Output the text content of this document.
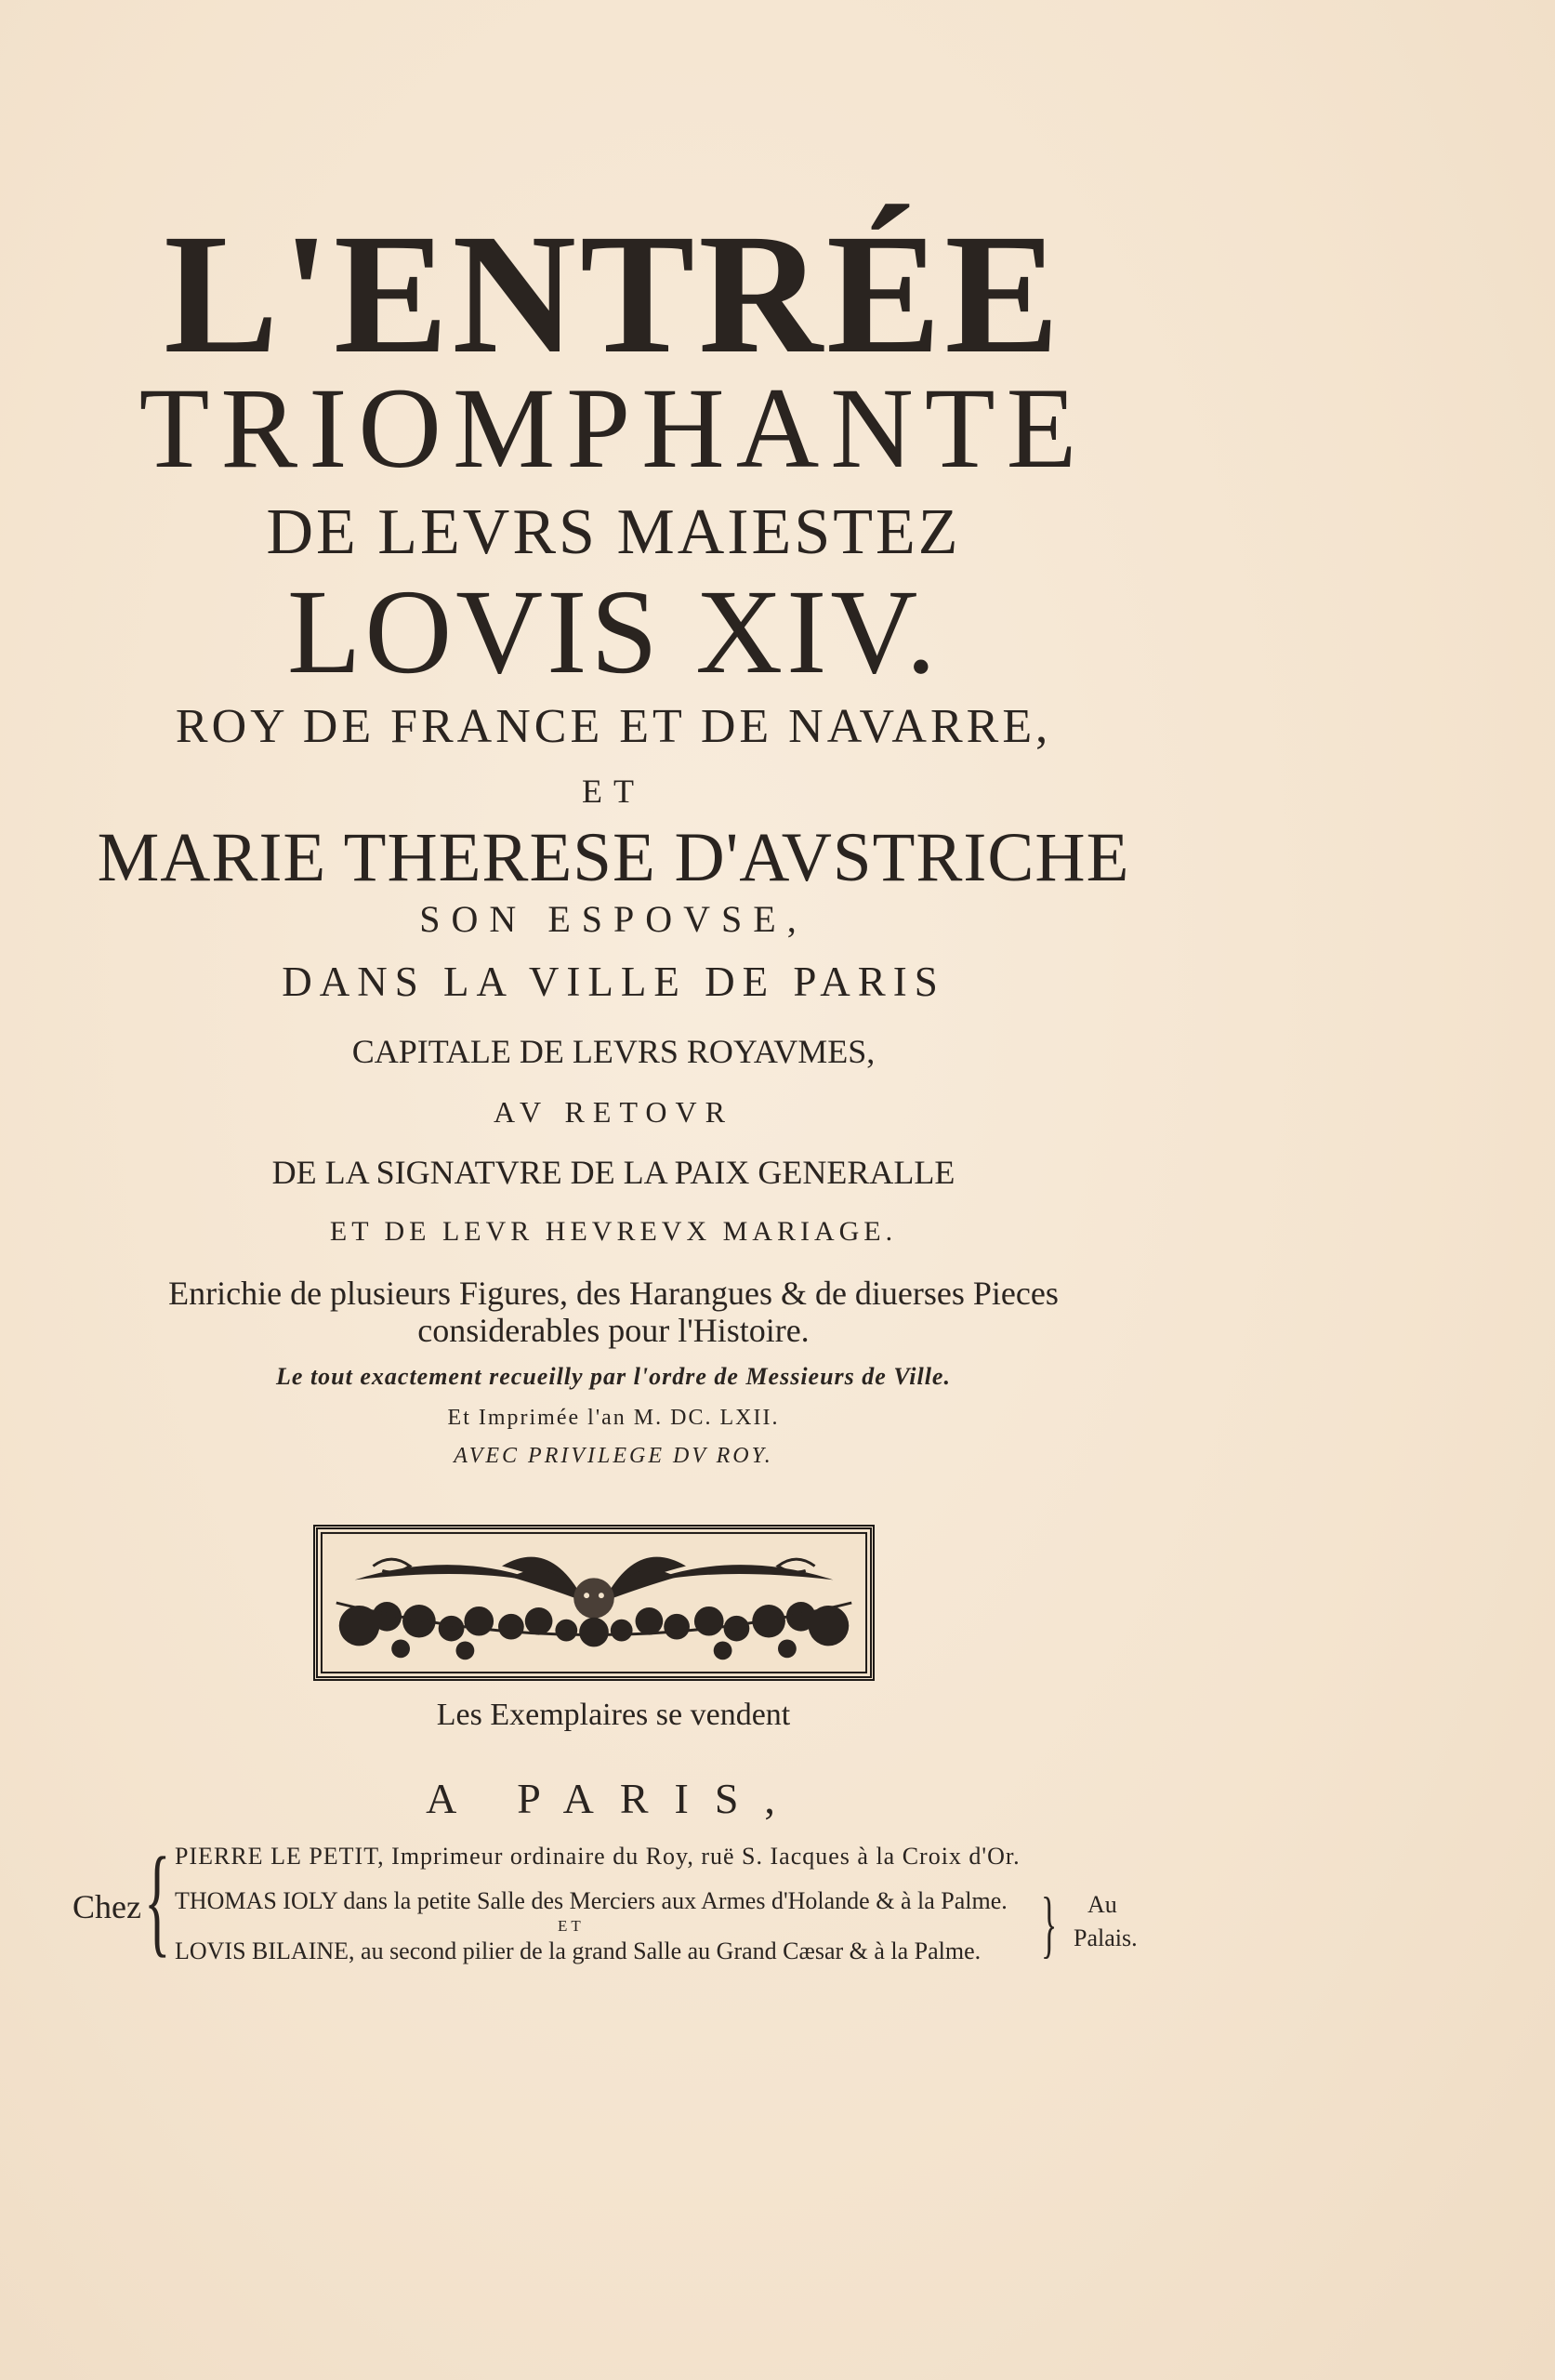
L'ENTRÉE
TRIOMPHANTE
DE LEVRS MAIESTEZ
LOVIS XIV.
ROY DE FRANCE ET DE NAVARRE,
ET
MARIE THERESE D'AVSTRICHE
SON ESPOVSE,
DANS LA VILLE DE PARIS
CAPITALE DE LEVRS ROYAVMES,
AV RETOVR
DE LA SIGNATVRE DE LA PAIX GENERALLE
ET DE LEVR HEVREVX MARIAGE.
Enrichie de plusieurs Figures, des Harangues & de diuerses Pieces
considerables pour l'Histoire.
Le tout exactement recueilly par l'ordre de Messieurs de Ville.
Et Imprimée l'an M. DC. LXII.
AVEC PRIVILEGE DV ROY.
Les Exemplaires se vendent
A PARIS,
Chez { PIERRE LE PETIT, Imprimeur ordinaire du Roy, ruë S. Iacques à la Croix d'Or.
THOMAS IOLY dans la petite Salle des Merciers aux Armes d'Holande & à la Palme.
ET
LOVIS BILAINE, au second pilier de la grand Salle au Grand Cæsar & à la Palme. } Au
Palais.
